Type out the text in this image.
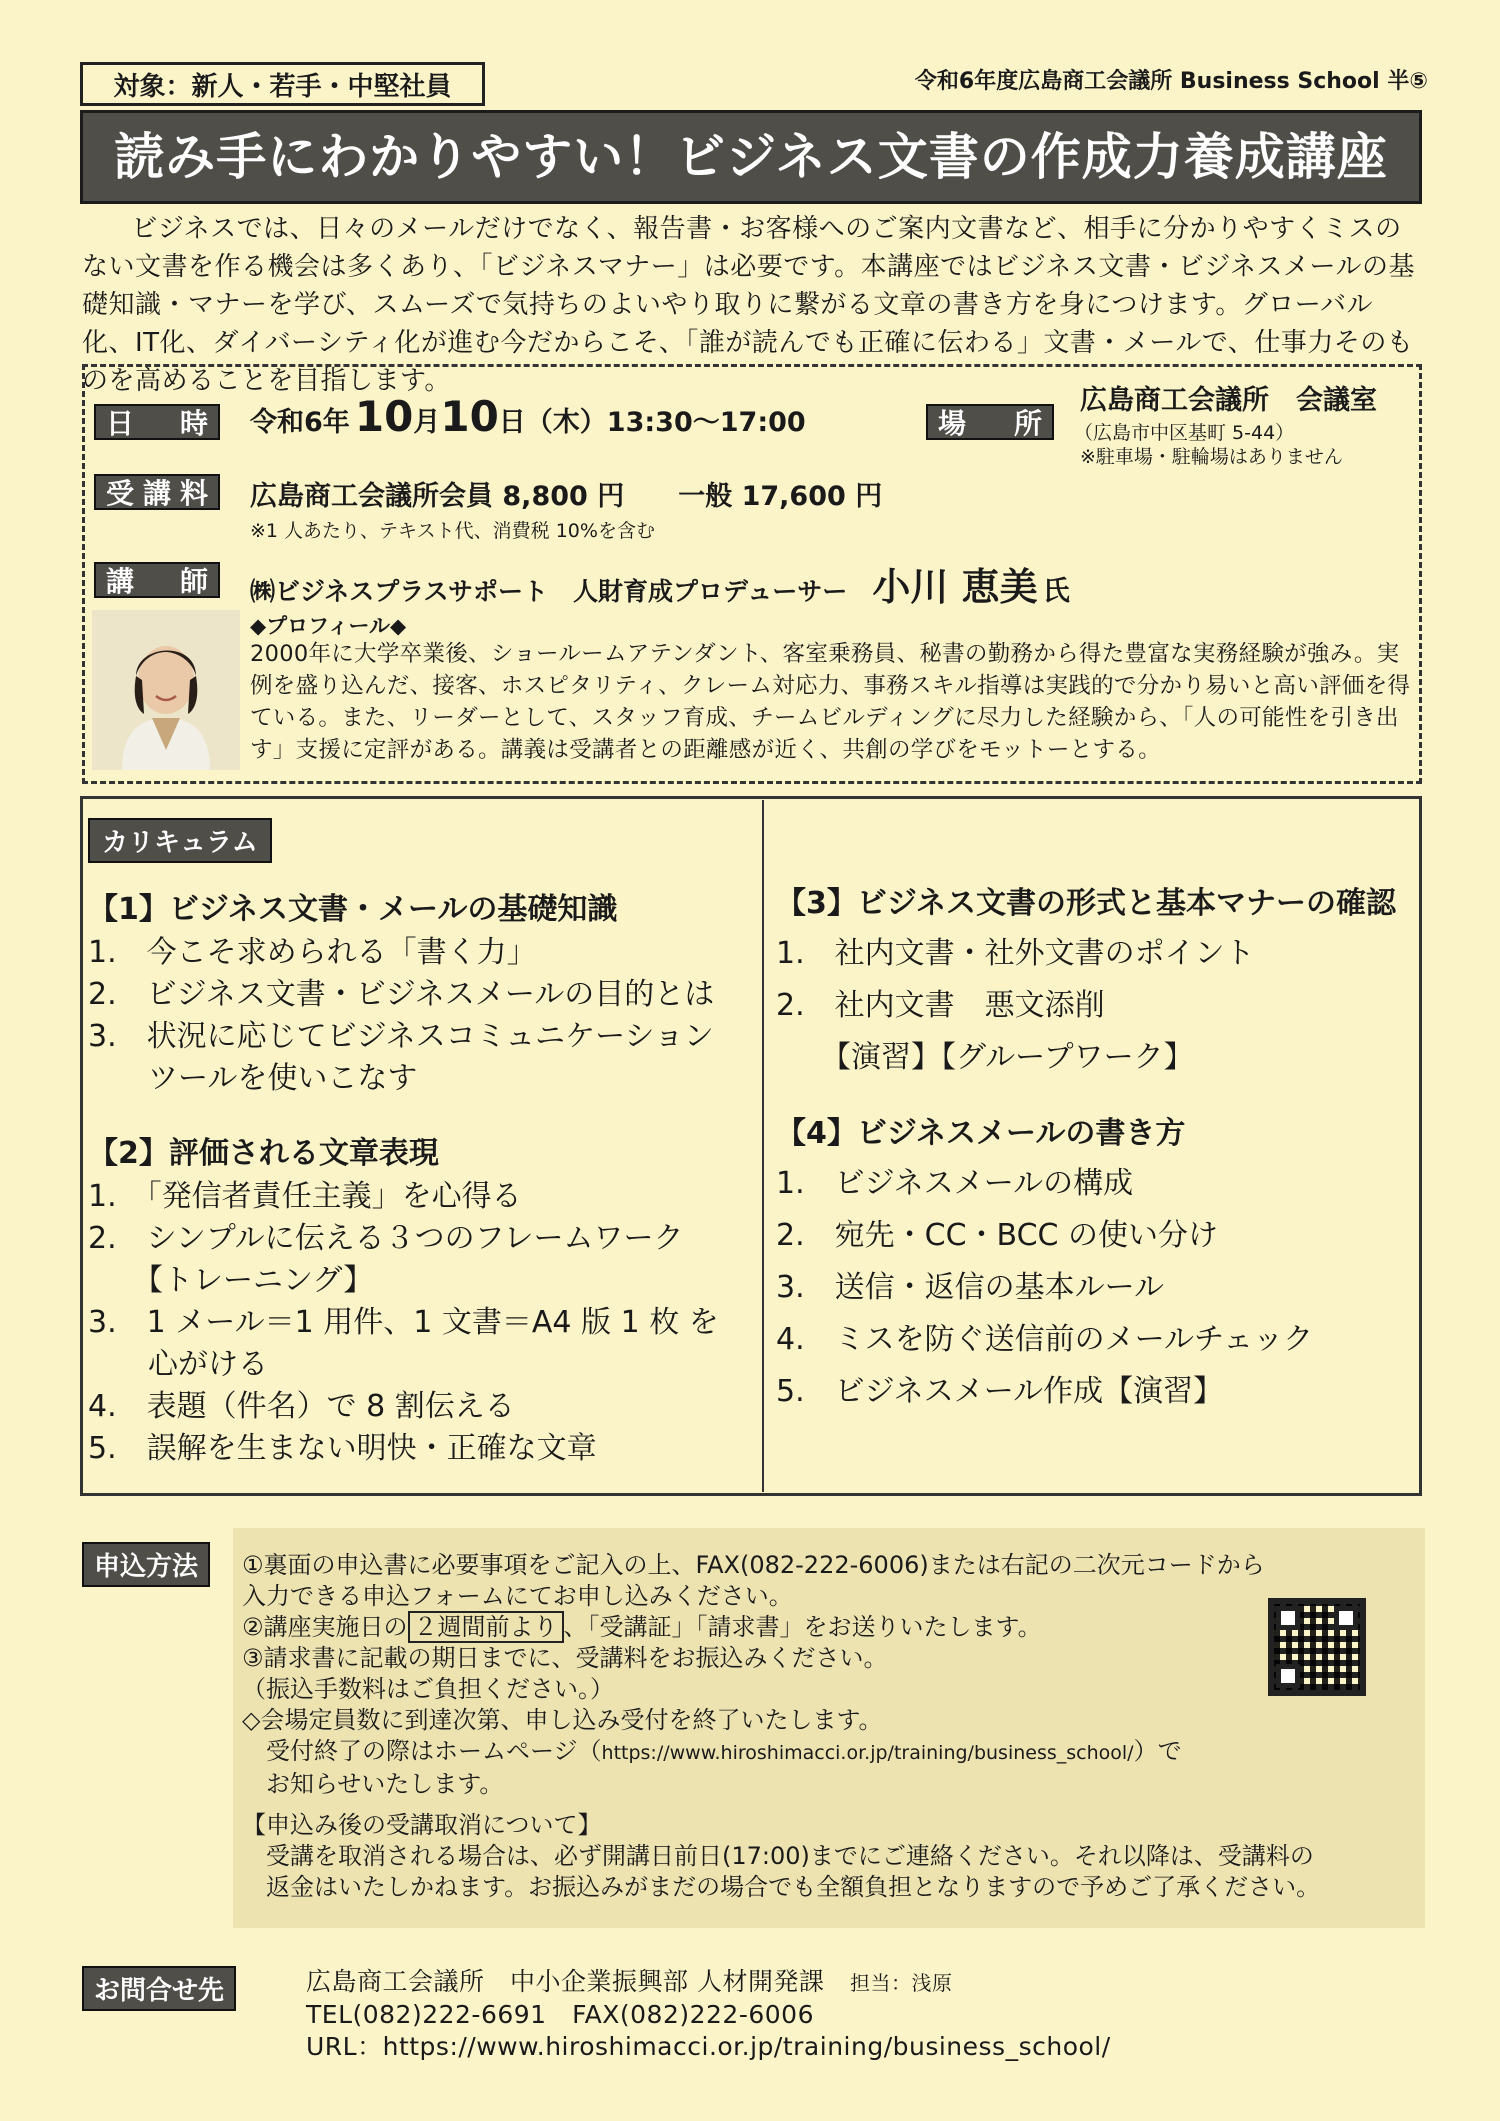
対象：新人・若手・中堅社員	令和6年度広島商工会議所 Business School 半⑤
読み手にわかりやすい！ビジネス文書の作成力養成講座
ビジネスでは、日々のメールだけでなく、報告書・お客様へのご案内文書など、相手に分かりやすくミスのない文書を作る機会は多くあり、「ビジネスマナー」は必要です。本講座ではビジネス文書・ビジネスメールの基礎知識・マナーを学び、スムーズで気持ちのよいやり取りに繋がる文章の書き方を身につけます。グローバル化、IT化、ダイバーシティ化が進む今だからこそ、「誰が読んでも正確に伝わる」文書・メールで、仕事力そのものを高めることを目指します。
日 時 令和6年 10月10日（木）13:30〜17:00	場 所
広島商工会議所　会議室
（広島市中区基町 5-44）
※駐車場・駐輪場はありません
受 講 料 広島商工会議所会員 8,800 円　　一般 17,600 円
※1 人あたり、テキスト代、消費税 10%を含む
講 師 ㈱ビジネスプラスサポート　人財育成プロデューサー 小川 恵美 氏
◆プロフィール◆
2000年に大学卒業後、ショールームアテンダント、客室乗務員、秘書の勤務から得た豊富な実務経験が強み。実例を盛り込んだ、接客、ホスピタリティ、クレーム対応力、事務スキル指導は実践的で分かり易いと高い評価を得ている。また、リーダーとして、スタッフ育成、チームビルディングに尽力した経験から、「人の可能性を引き出す」支援に定評がある。講義は受講者との距離感が近く、共創の学びをモットーとする。
カリキュラム
【1】ビジネス文書・メールの基礎知識
1.　今こそ求められる「書く力」
2.　ビジネス文書・ビジネスメールの目的とは
3.　状況に応じてビジネスコミュニケーション
　　ツールを使いこなす
【2】評価される文章表現
1.　「発信者責任主義」を心得る
2.　シンプルに伝える３つのフレームワーク
　　【トレーニング】
3.　1 メール＝1 用件、1 文書＝A4 版 1 枚 を
　　心がける
4.　表題（件名）で 8 割伝える
5.　誤解を生まない明快・正確な文章
【3】ビジネス文書の形式と基本マナーの確認
1.　社内文書・社外文書のポイント
2.　社内文書　悪文添削
　　【演習】【グループワーク】
【4】ビジネスメールの書き方
1.　ビジネスメールの構成
2.　宛先・CC・BCC の使い分け
3.　送信・返信の基本ルール
4.　ミスを防ぐ送信前のメールチェック
5.　ビジネスメール作成【演習】
申込方法	①裏面の申込書に必要事項をご記入の上、FAX(082-222-6006)または右記の二次元コードから
入力できる申込フォームにてお申し込みください。
②講座実施日の ２週間前より 、「受講証」「請求書」をお送りいたします。
③請求書に記載の期日までに、受講料をお振込みください。
（振込手数料はご負担ください。）
◇会場定員数に到達次第、申し込み受付を終了いたします。
　受付終了の際はホームページ（https://www.hiroshimacci.or.jp/training/business_school/）で
　お知らせいたします。
【申込み後の受講取消について】
　受講を取消される場合は、必ず開講日前日(17:00)までにご連絡ください。それ以降は、受講料の
　返金はいたしかねます。お振込みがまだの場合でも全額負担となりますので予めご了承ください。
お問合せ先	広島商工会議所　中小企業振興部 人材開発課　 担当：浅原
TEL(082)222-6691　FAX(082)222-6006
URL：https://www.hiroshimacci.or.jp/training/business_school/
